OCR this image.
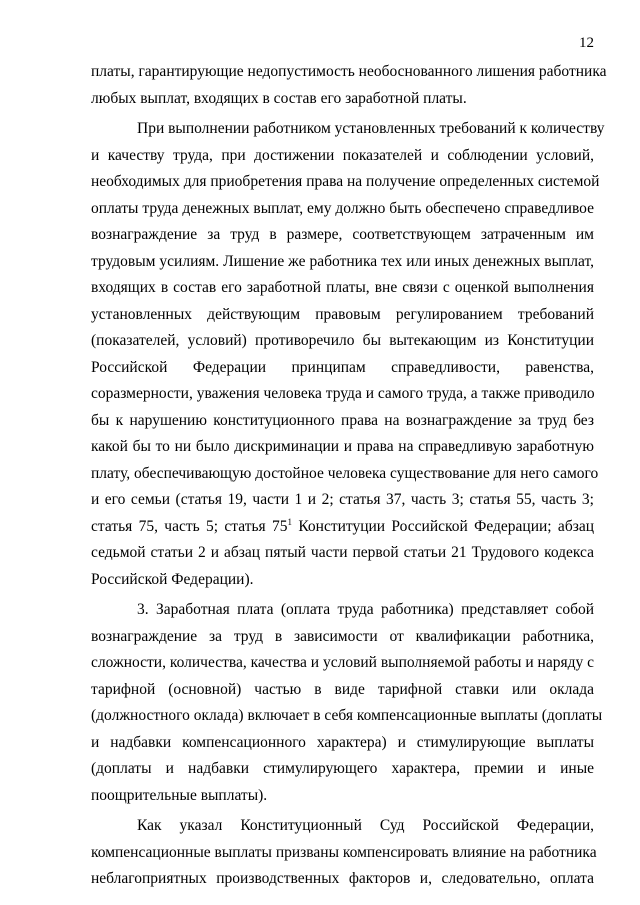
12
платы, гарантирующие недопустимость необоснованного лишения работника
любых выплат, входящих в состав его заработной платы.
При выполнении работником установленных требований к количеству
и качеству труда, при достижении показателей и соблюдении условий,
необходимых для приобретения права на получение определенных системой
оплаты труда денежных выплат, ему должно быть обеспечено справедливое
вознаграждение за труд в размере, соответствующем затраченным им
трудовым усилиям. Лишение же работника тех или иных денежных выплат,
входящих в состав его заработной платы, вне связи с оценкой выполнения
установленных действующим правовым регулированием требований
(показателей, условий) противоречило бы вытекающим из Конституции
Российской Федерации принципам справедливости, равенства,
соразмерности, уважения человека труда и самого труда, а также приводило
бы к нарушению конституционного права на вознаграждение за труд без
какой бы то ни было дискриминации и права на справедливую заработную
плату, обеспечивающую достойное человека существование для него самого
и его семьи (статья 19, части 1 и 2; статья 37, часть 3; статья 55, часть 3;
статья 75, часть 5; статья $75^1$ Конституции Российской Федерации; абзац
седьмой статьи 2 и абзац пятый части первой статьи 21 Трудового кодекса
Российской Федерации).
3. Заработная плата (оплата труда работника) представляет собой
вознаграждение за труд в зависимости от квалификации работника,
сложности, количества, качества и условий выполняемой работы и наряду с
тарифной (основной) частью в виде тарифной ставки или оклада
(должностного оклада) включает в себя компенсационные выплаты (доплаты
и надбавки компенсационного характера) и стимулирующие выплаты
(доплаты и надбавки стимулирующего характера, премии и иные
поощрительные выплаты).
Как указал Конституционный Суд Российской Федерации,
компенсационные выплаты призваны компенсировать влияние на работника
неблагоприятных производственных факторов и, следовательно, оплата
